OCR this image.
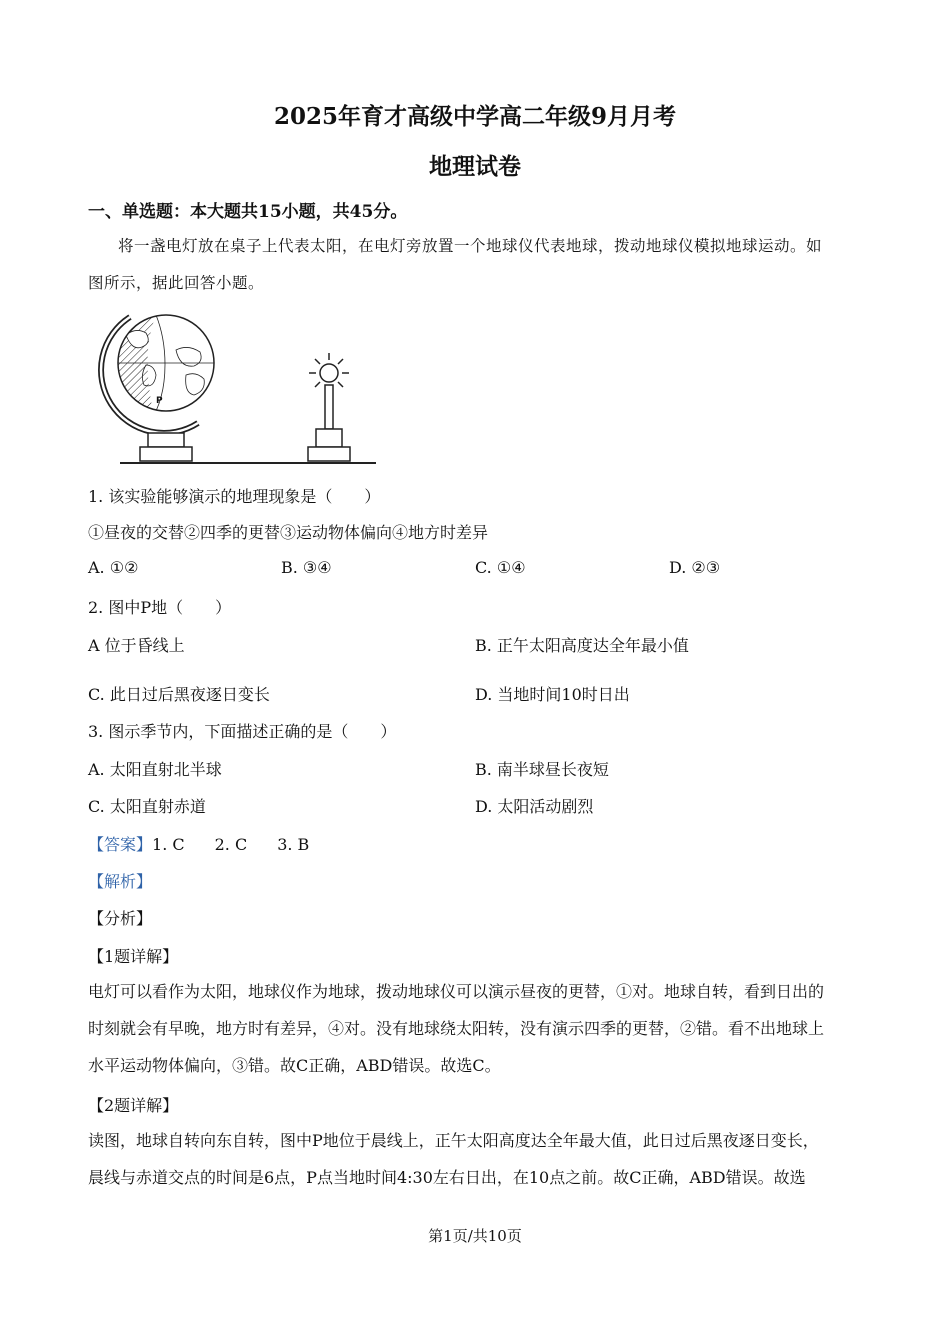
2025年育才高级中学高二年级9月月考
地理试卷
一、单选题：本大题共15小题，共45分。
将一盏电灯放在桌子上代表太阳，在电灯旁放置一个地球仪代表地球，拨动地球仪模拟地球运动。如
图所示，据此回答小题。
P
1. 该实验能够演示的地理现象是（　　）
①昼夜的交替②四季的更替③运动物体偏向④地方时差异
A. ①②	B. ③④	C. ①④	D. ②③
2. 图中P地（　　）
A 位于昏线上	B. 正午太阳高度达全年最小值
C. 此日过后黑夜逐日变长	D. 当地时间10时日出
3. 图示季节内，下面描述正确的是（　　）
A. 太阳直射北半球	B. 南半球昼长夜短
C. 太阳直射赤道	D. 太阳活动剧烈
【答案】1. C 2. C 3. B
【解析】
【分析】
【1题详解】
电灯可以看作为太阳，地球仪作为地球，拨动地球仪可以演示昼夜的更替，①对。地球自转，看到日出的
时刻就会有早晚，地方时有差异，④对。没有地球绕太阳转，没有演示四季的更替，②错。看不出地球上
水平运动物体偏向，③错。故C正确，ABD错误。故选C。
【2题详解】
读图，地球自转向东自转，图中P地位于晨线上，正午太阳高度达全年最大值，此日过后黑夜逐日变长，
晨线与赤道交点的时间是6点，P点当地时间4:30左右日出，在10点之前。故C正确，ABD错误。故选
第1页/共10页
